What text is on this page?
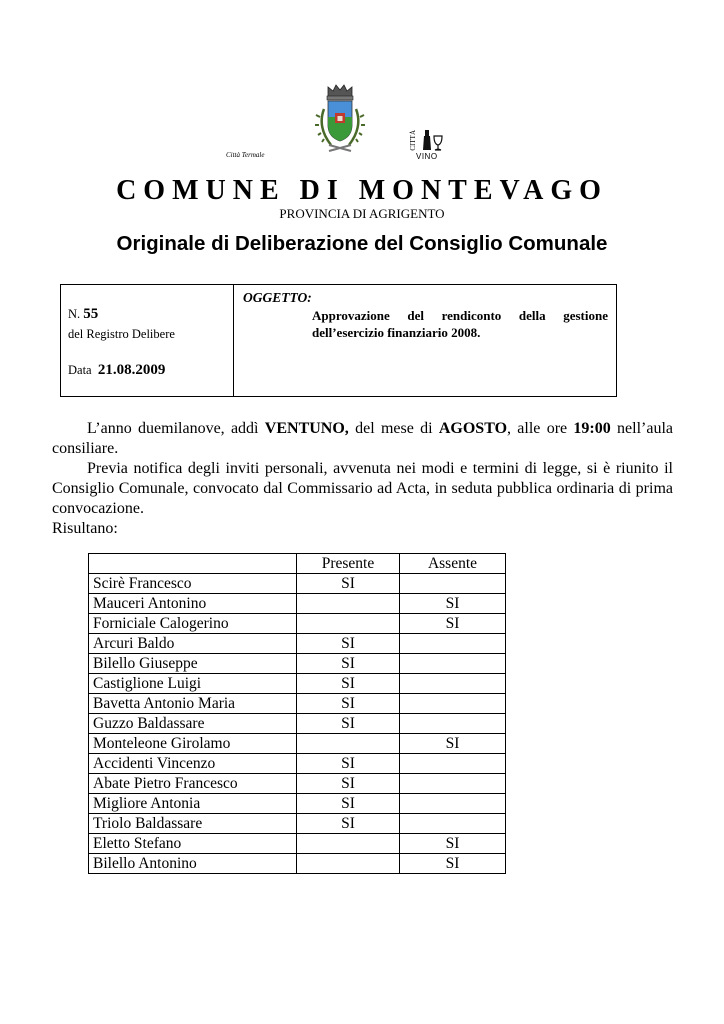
Città Termale
CITTÀ
VINO
COMUNE DI MONTEVAGO
PROVINCIA DI AGRIGENTO
Originale di Deliberazione del Consiglio Comunale
N. 55
del Registro Delibere
Data 21.08.2009
OGGETTO:
Approvazione del rendiconto della gestione dell’esercizio finanziario 2008.

L’anno duemilanove, addì VENTUNO, del mese di AGOSTO, alle ore 19:00 nell’aula consiliare.

Previa notifica degli inviti personali, avvenuta nei modi e termini di legge, si è riunito il Consiglio Comunale, convocato dal Commissario ad Acta, in seduta pubblica ordinaria di prima convocazione.

Risultano:

	Presente	Assente
Scirè Francesco	SI	
Mauceri Antonino		SI
Forniciale Calogerino		SI
Arcuri Baldo	SI	
Bilello Giuseppe	SI	
Castiglione Luigi	SI	
Bavetta Antonio Maria	SI	
Guzzo Baldassare	SI	
Monteleone Girolamo		SI
Accidenti Vincenzo	SI	
Abate Pietro Francesco	SI	
Migliore Antonia	SI	
Triolo Baldassare	SI	
Eletto Stefano		SI
Bilello Antonino		SI
